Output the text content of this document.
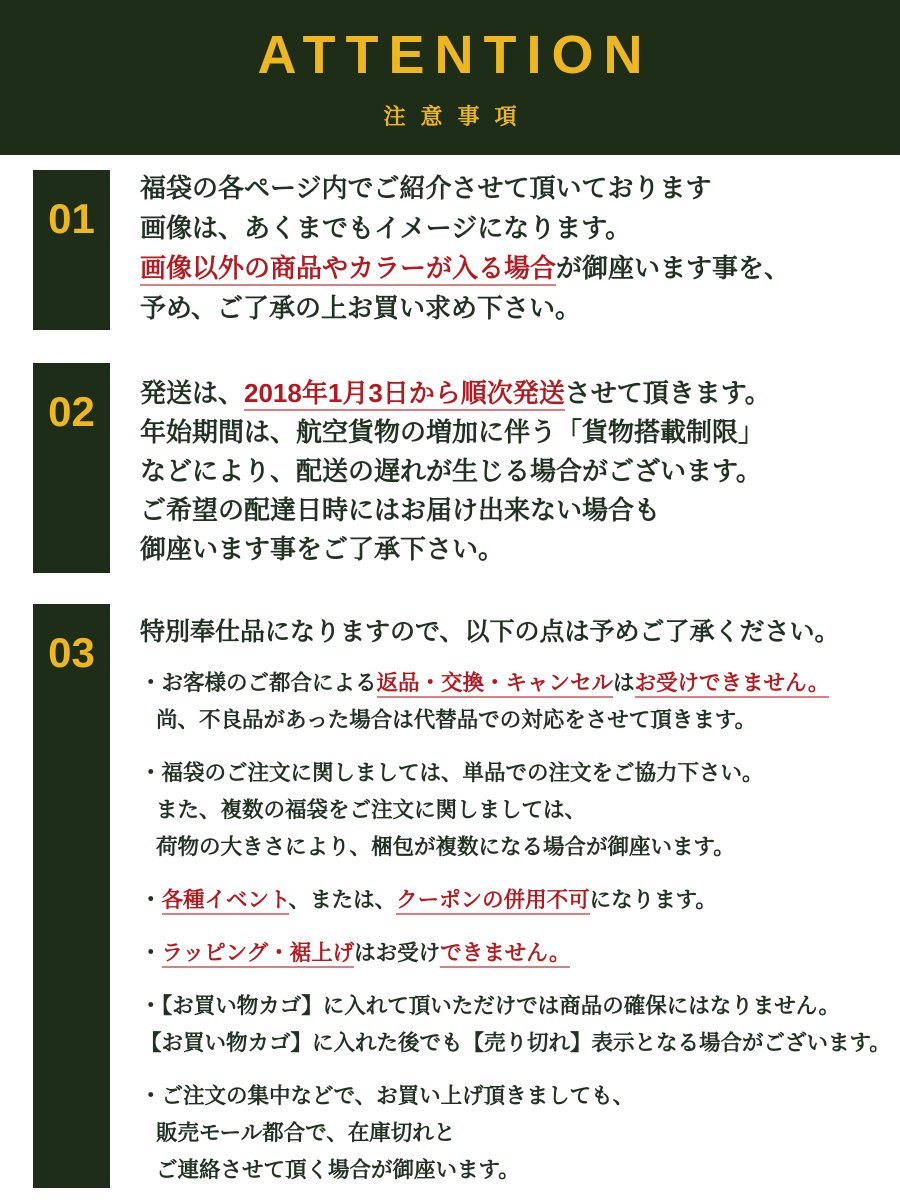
ATTENTION
注意事項
01
02
03
福袋の各ページ内でご紹介させて頂いております
画像は、あくまでもイメージになります。
画像以外の商品やカラーが入る場合が御座います事を、
予め、ご了承の上お買い求め下さい。
発送は、2018年1月3日から順次発送させて頂きます。
年始期間は、航空貨物の増加に伴う「貨物搭載制限」
などにより、配送の遅れが生じる場合がございます。
ご希望の配達日時にはお届け出来ない場合も
御座います事をご了承下さい。
特別奉仕品になりますので、以下の点は予めご了承ください。
・お客様のご都合による返品・交換・キャンセルはお受けできません。
尚、不良品があった場合は代替品での対応をさせて頂きます。
・福袋のご注文に関しましては、単品での注文をご協力下さい。
また、複数の福袋をご注文に関しましては、
荷物の大きさにより、梱包が複数になる場合が御座います。
・各種イベント、または、クーポンの併用不可になります。
・ラッピング・裾上げはお受けできません。
・【お買い物カゴ】に入れて頂いただけでは商品の確保にはなりません。
【お買い物カゴ】に入れた後でも【売り切れ】表示となる場合がございます。
・ご注文の集中などで、お買い上げ頂きましても、
販売モール都合で、在庫切れと
ご連絡させて頂く場合が御座います。
